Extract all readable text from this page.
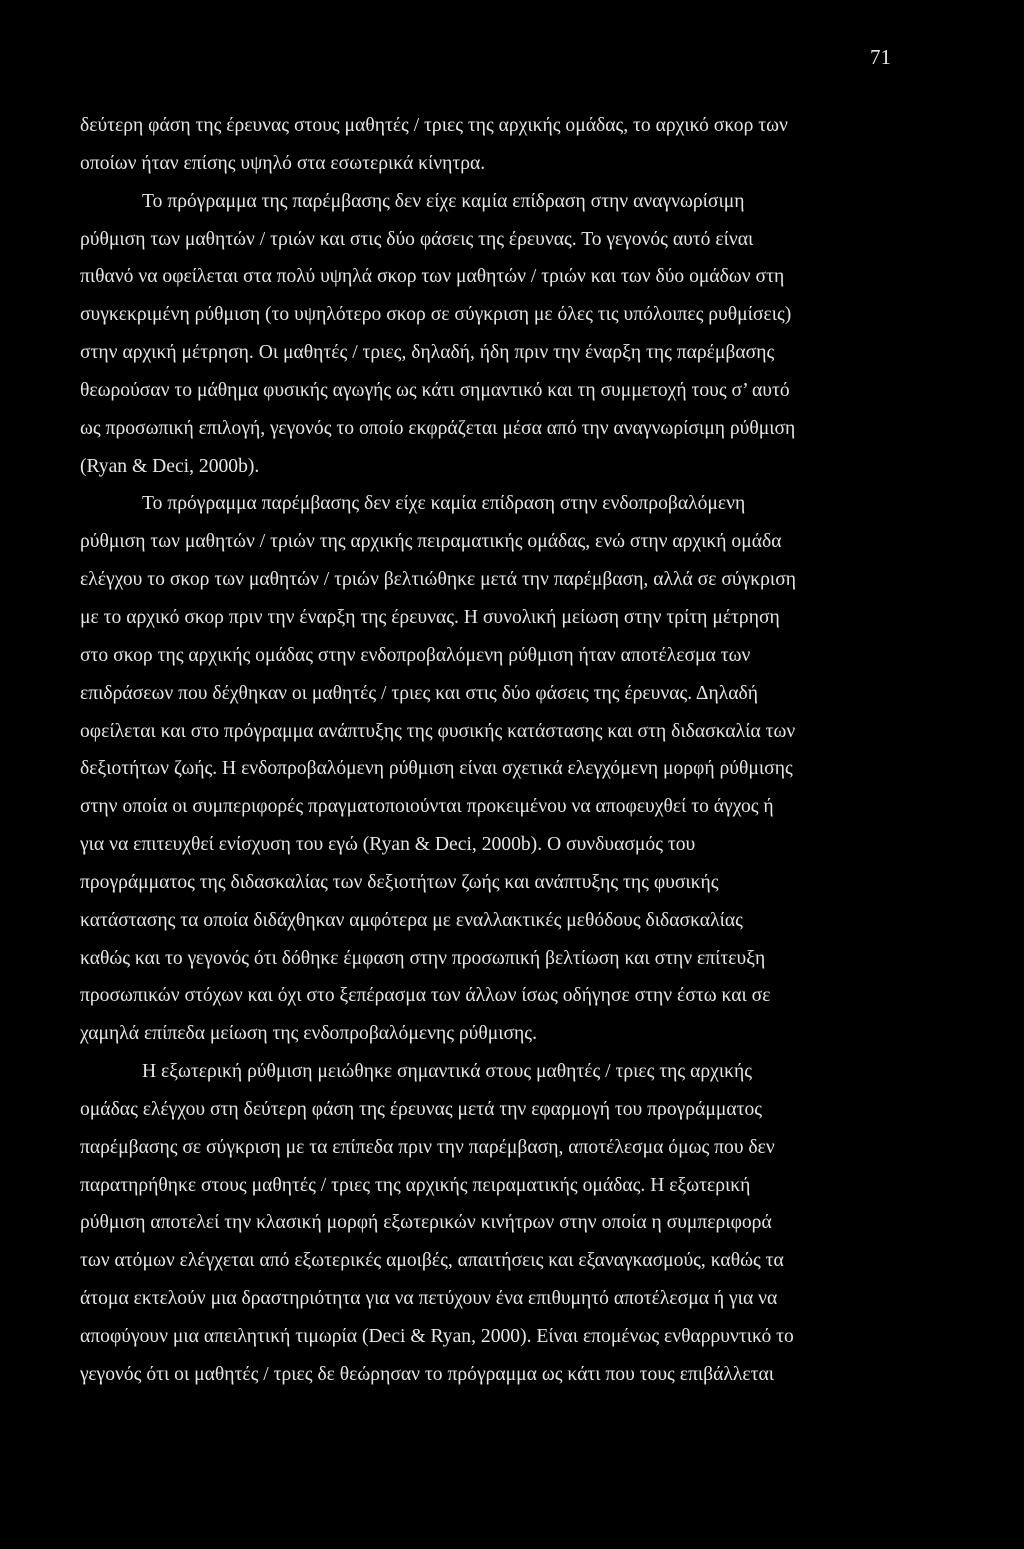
71
δεύτερη φάση της έρευνας στους μαθητές / τριες της αρχικής ομάδας, το αρχικό σκορ των
οποίων ήταν επίσης υψηλό στα εσωτερικά κίνητρα.
Το πρόγραμμα της παρέμβασης δεν είχε καμία επίδραση στην αναγνωρίσιμη
ρύθμιση των μαθητών / τριών και στις δύο φάσεις της έρευνας. Το γεγονός αυτό είναι
πιθανό να οφείλεται στα πολύ υψηλά σκορ των μαθητών / τριών και των δύο ομάδων στη
συγκεκριμένη ρύθμιση (το υψηλότερο σκορ σε σύγκριση με όλες τις υπόλοιπες ρυθμίσεις)
στην αρχική μέτρηση. Οι μαθητές / τριες, δηλαδή, ήδη πριν την έναρξη της παρέμβασης
θεωρούσαν το μάθημα φυσικής αγωγής ως κάτι σημαντικό και τη συμμετοχή τους σ’ αυτό
ως προσωπική επιλογή, γεγονός το οποίο εκφράζεται μέσα από την αναγνωρίσιμη ρύθμιση
(Ryan & Deci, 2000b).
Το πρόγραμμα παρέμβασης δεν είχε καμία επίδραση στην ενδοπροβαλόμενη
ρύθμιση των μαθητών / τριών της αρχικής πειραματικής ομάδας, ενώ στην αρχική ομάδα
ελέγχου το σκορ των μαθητών / τριών βελτιώθηκε μετά την παρέμβαση, αλλά σε σύγκριση
με το αρχικό σκορ πριν την έναρξη της έρευνας. Η συνολική μείωση στην τρίτη μέτρηση
στο σκορ της αρχικής ομάδας στην ενδοπροβαλόμενη ρύθμιση ήταν αποτέλεσμα των
επιδράσεων που δέχθηκαν οι μαθητές / τριες και στις δύο φάσεις της έρευνας. Δηλαδή
οφείλεται και στο πρόγραμμα ανάπτυξης της φυσικής κατάστασης και στη διδασκαλία των
δεξιοτήτων ζωής. Η ενδοπροβαλόμενη ρύθμιση είναι σχετικά ελεγχόμενη μορφή ρύθμισης
στην οποία οι συμπεριφορές πραγματοποιούνται προκειμένου να αποφευχθεί το άγχος ή
για να επιτευχθεί ενίσχυση του εγώ (Ryan & Deci, 2000b). Ο συνδυασμός του
προγράμματος της διδασκαλίας των δεξιοτήτων ζωής και ανάπτυξης της φυσικής
κατάστασης τα οποία διδάχθηκαν αμφότερα με εναλλακτικές μεθόδους διδασκαλίας
καθώς και το γεγονός ότι δόθηκε έμφαση στην προσωπική βελτίωση και στην επίτευξη
προσωπικών στόχων και όχι στο ξεπέρασμα των άλλων ίσως οδήγησε στην έστω και σε
χαμηλά επίπεδα μείωση της ενδοπροβαλόμενης ρύθμισης.
Η εξωτερική ρύθμιση μειώθηκε σημαντικά στους μαθητές / τριες της αρχικής
ομάδας ελέγχου στη δεύτερη φάση της έρευνας μετά την εφαρμογή του προγράμματος
παρέμβασης σε σύγκριση με τα επίπεδα πριν την παρέμβαση, αποτέλεσμα όμως που δεν
παρατηρήθηκε στους μαθητές / τριες της αρχικής πειραματικής ομάδας. Η εξωτερική
ρύθμιση αποτελεί την κλασική μορφή εξωτερικών κινήτρων στην οποία η συμπεριφορά
των ατόμων ελέγχεται από εξωτερικές αμοιβές, απαιτήσεις και εξαναγκασμούς, καθώς τα
άτομα εκτελούν μια δραστηριότητα για να πετύχουν ένα επιθυμητό αποτέλεσμα ή για να
αποφύγουν μια απειλητική τιμωρία (Deci & Ryan, 2000). Είναι επομένως ενθαρρυντικό το
γεγονός ότι οι μαθητές / τριες δε θεώρησαν το πρόγραμμα ως κάτι που τους επιβάλλεται
